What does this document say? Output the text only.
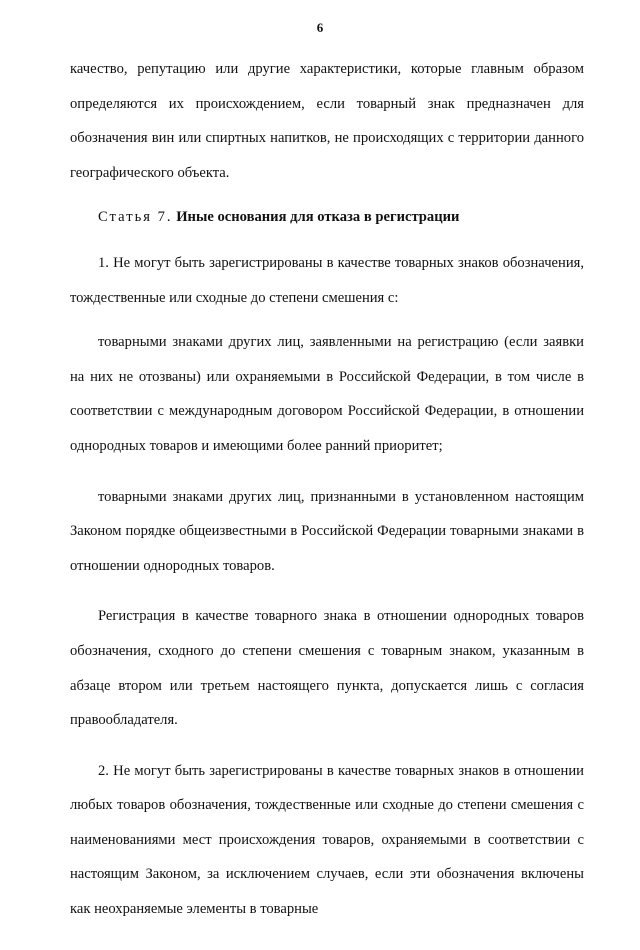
6

качество, репутацию или другие характеристики, которые главным образом определяются их происхождением, если товарный знак предназначен для обозначения вин или спиртных напитков, не происходящих с территории данного географического объекта.

Статья 7. Иные основания для отказа в регистрации

1. Не могут быть зарегистрированы в качестве товарных знаков обозначения, тождественные или сходные до степени смешения с:

товарными знаками других лиц, заявленными на регистрацию (если заявки на них не отозваны) или охраняемыми в Российской Федерации, в том числе в соответствии с международным договором Российской Федерации, в отношении однородных товаров и имеющими более ранний приоритет;

товарными знаками других лиц, признанными в установленном настоящим Законом порядке общеизвестными в Российской Федерации товарными знаками в отношении однородных товаров.

Регистрация в качестве товарного знака в отношении однородных товаров обозначения, сходного до степени смешения с товарным знаком, указанным в абзаце втором или третьем настоящего пункта, допускается лишь с согласия правообладателя.

2. Не могут быть зарегистрированы в качестве товарных знаков в отношении любых товаров обозначения, тождественные или сходные до степени смешения с наименованиями мест происхождения товаров, охраняемыми в соответствии с настоящим Законом, за исключением случаев, если эти обозначения включены как неохраняемые элементы в товарные
